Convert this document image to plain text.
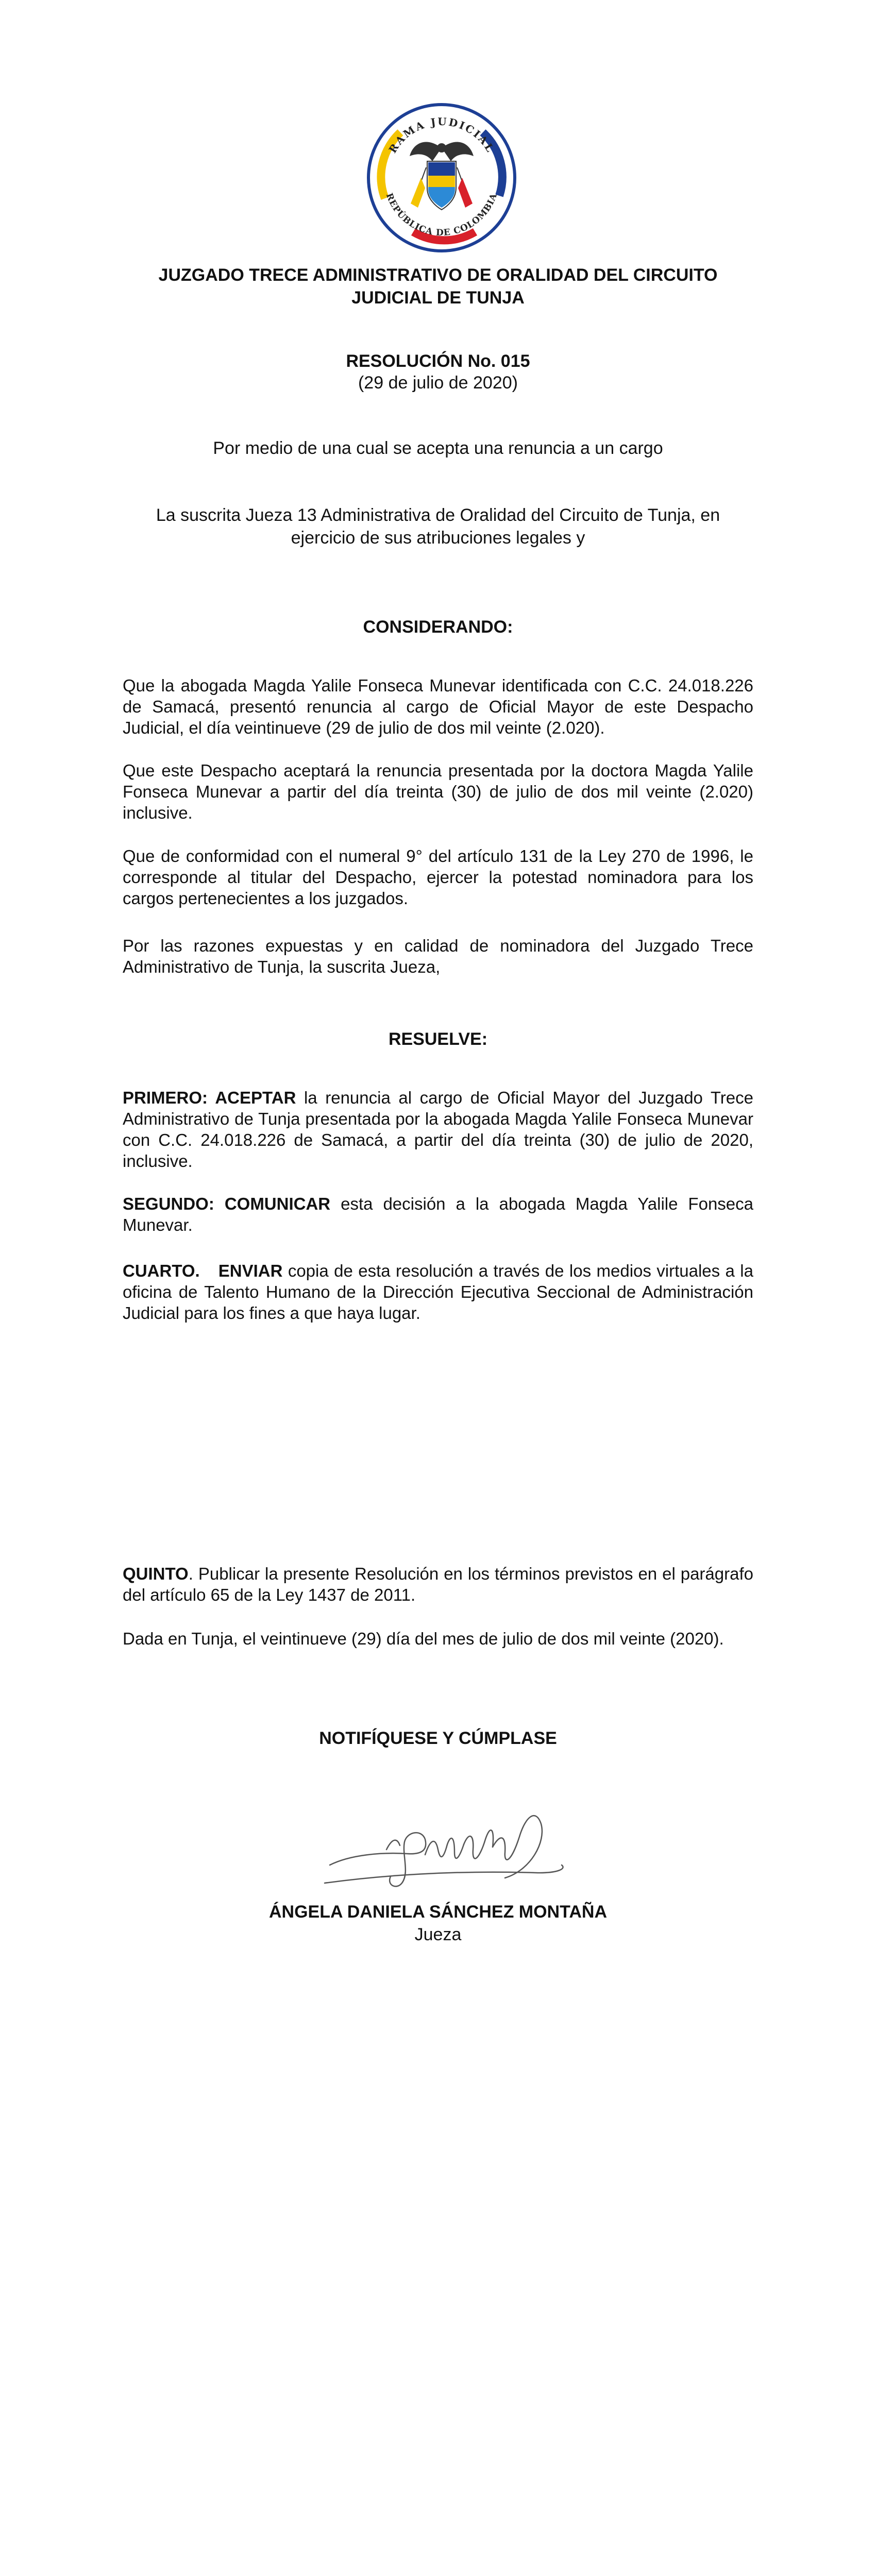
RAMA JUDICIAL
REPÚBLICA DE COLOMBIA
JUZGADO TRECE ADMINISTRATIVO DE ORALIDAD DEL CIRCUITO
JUDICIAL DE TUNJA
RESOLUCIÓN No. 015
(29 de julio de 2020)
Por medio de una cual se acepta una renuncia a un cargo
La suscrita Jueza 13 Administrativa de Oralidad del Circuito de Tunja, en
ejercicio de sus atribuciones legales y
CONSIDERANDO:

Que la abogada Magda Yalile Fonseca Munevar identificada con C.C. 24.018.226 de Samacá, presentó renuncia al cargo de Oficial Mayor de este Despacho Judicial, el día veintinueve (29 de julio de dos mil veinte (2.020).

Que este Despacho aceptará la renuncia presentada por la doctora Magda Yalile Fonseca Munevar a partir del día treinta (30) de julio de dos mil veinte (2.020) inclusive.

Que de conformidad con el numeral 9° del artículo 131 de la Ley 270 de 1996, le corresponde al titular del Despacho, ejercer la potestad nominadora para los cargos pertenecientes a los juzgados.

Por las razones expuestas y en calidad de nominadora del Juzgado Trece Administrativo de Tunja, la suscrita Jueza,

RESUELVE:

PRIMERO: ACEPTAR la renuncia al cargo de Oficial Mayor del Juzgado Trece Administrativo de Tunja presentada por la abogada Magda Yalile Fonseca Munevar con C.C. 24.018.226 de Samacá, a partir del día treinta (30) de julio de 2020, inclusive.

SEGUNDO: COMUNICAR esta decisión a la abogada Magda Yalile Fonseca Munevar.

CUARTO. ENVIAR copia de esta resolución a través de los medios virtuales a la oficina de Talento Humano de la Dirección Ejecutiva Seccional de Administración Judicial para los fines a que haya lugar.

QUINTO. Publicar la presente Resolución en los términos previstos en el parágrafo del artículo 65 de la Ley 1437 de 2011.

Dada en Tunja, el veintinueve (29) día del mes de julio de dos mil veinte (2020).

NOTIFÍQUESE Y CÚMPLASE
ÁNGELA DANIELA SÁNCHEZ MONTAÑA
Jueza
